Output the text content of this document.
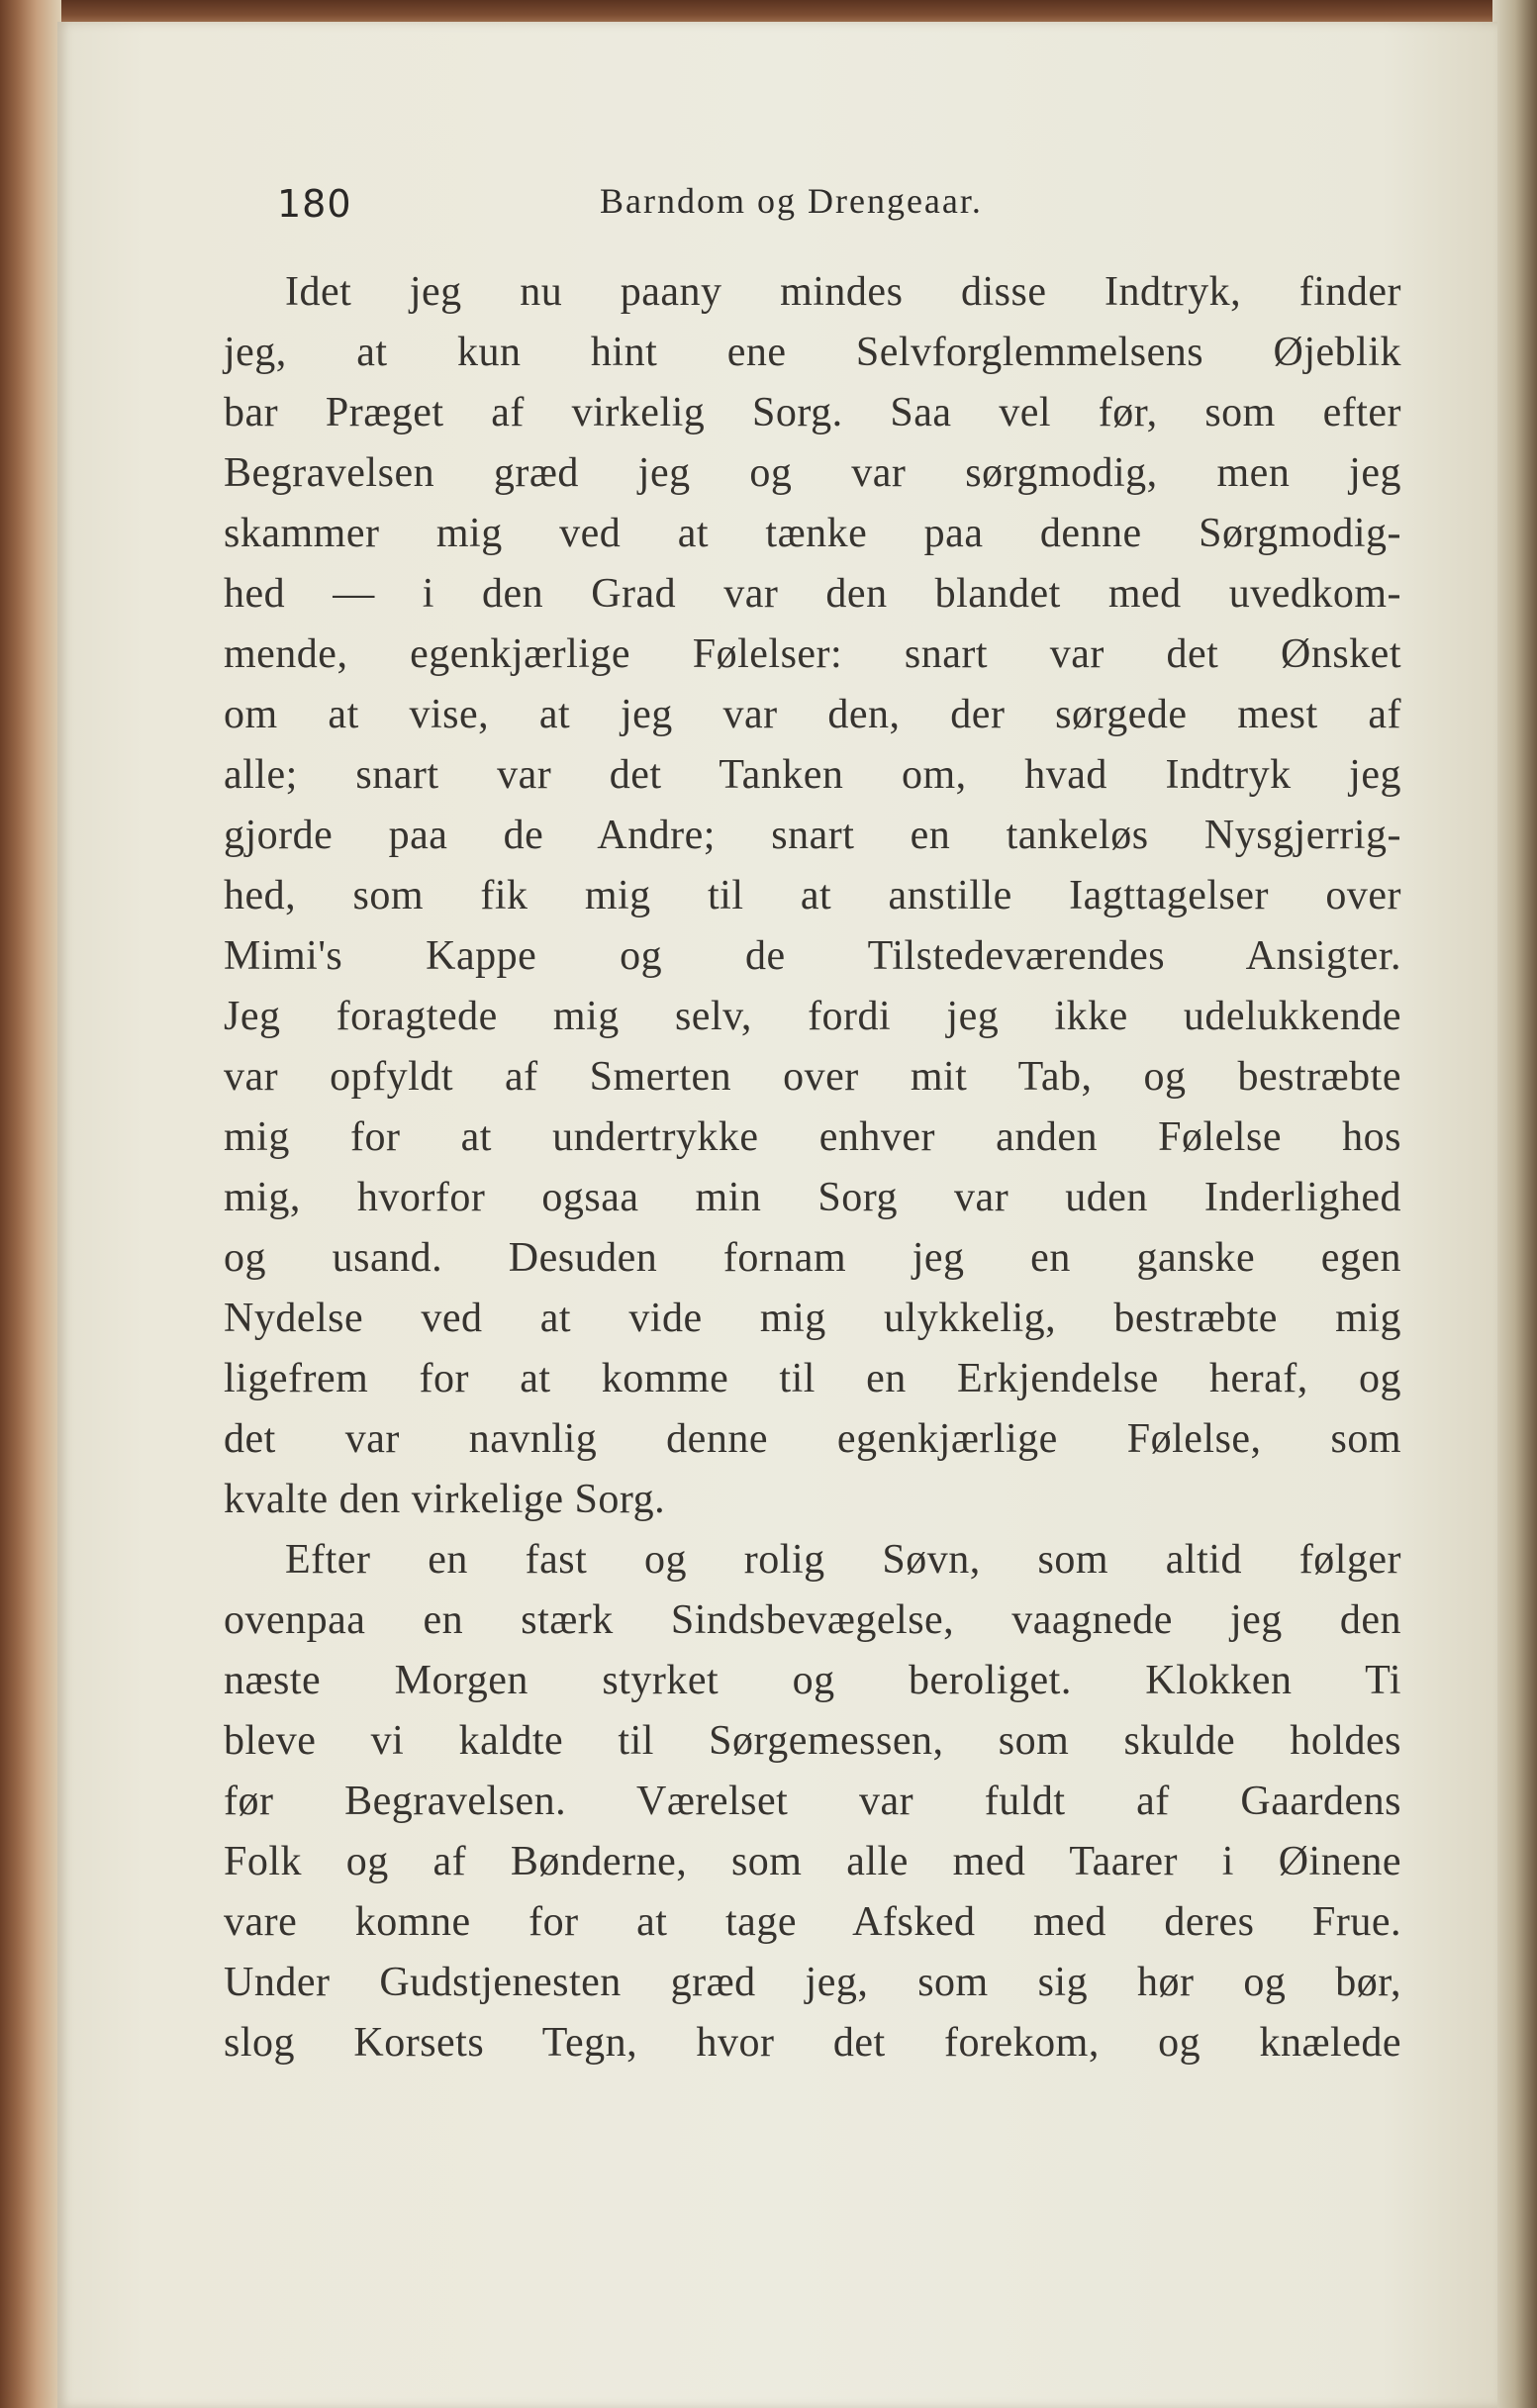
180	Barndom og Drengeaar.
Idet jeg nu paany mindes disse Indtryk, finder
jeg, at kun hint ene Selvforglemmelsens Øjeblik
bar Præget af virkelig Sorg. Saa vel før, som efter
Begravelsen græd jeg og var sørgmodig, men jeg
skammer mig ved at tænke paa denne Sørgmodig-
hed — i den Grad var den blandet med uvedkom-
mende, egenkjærlige Følelser: snart var det Ønsket
om at vise, at jeg var den, der sørgede mest af
alle; snart var det Tanken om, hvad Indtryk jeg
gjorde paa de Andre; snart en tankeløs Nysgjerrig-
hed, som fik mig til at anstille Iagttagelser over
Mimi's Kappe og de Tilstedeværendes Ansigter.
Jeg foragtede mig selv, fordi jeg ikke udelukkende
var opfyldt af Smerten over mit Tab, og bestræbte
mig for at undertrykke enhver anden Følelse hos
mig, hvorfor ogsaa min Sorg var uden Inderlighed
og usand. Desuden fornam jeg en ganske egen
Nydelse ved at vide mig ulykkelig, bestræbte mig
ligefrem for at komme til en Erkjendelse heraf, og
det var navnlig denne egenkjærlige Følelse, som
kvalte den virkelige Sorg.
Efter en fast og rolig Søvn, som altid følger
ovenpaa en stærk Sindsbevægelse, vaagnede jeg den
næste Morgen styrket og beroliget. Klokken Ti
bleve vi kaldte til Sørgemessen, som skulde holdes
før Begravelsen. Værelset var fuldt af Gaardens
Folk og af Bønderne, som alle med Taarer i Øinene
vare komne for at tage Afsked med deres Frue.
Under Gudstjenesten græd jeg, som sig hør og bør,
slog Korsets Tegn, hvor det forekom, og knælede
